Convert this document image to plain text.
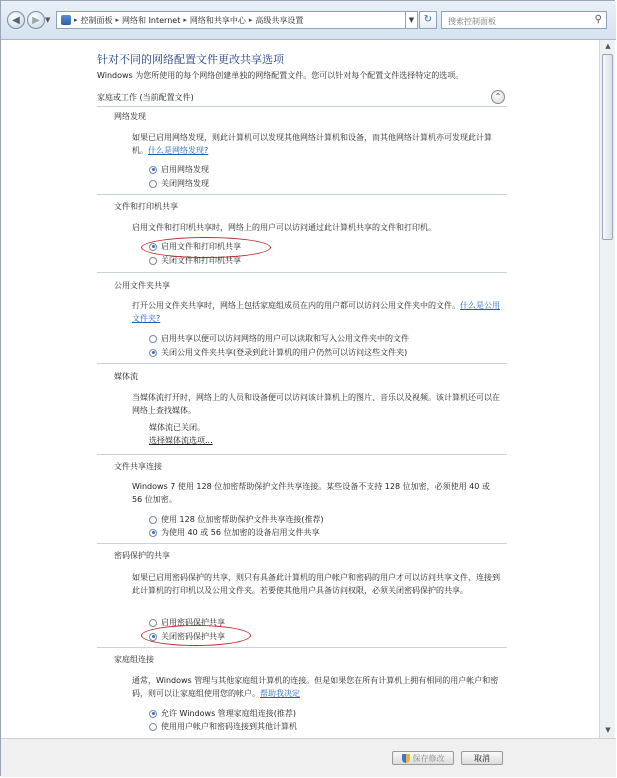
◀ ▶ ▼	▸ 控制面板 ▸ 网络和 Internet ▸ 网络和共享中心 ▸ 高级共享设置	▼ ↻
搜索控制面板	⚲
针对不同的网络配置文件更改共享选项
Windows 为您所使用的每个网络创建单独的网络配置文件。您可以针对每个配置文件选择特定的选项。
家庭或工作 (当前配置文件)	⌃
网络发现
如果已启用网络发现，则此计算机可以发现其他网络计算机和设备，而其他网络计算机亦可发现此计算机。什么是网络发现?
启用网络发现
关闭网络发现
文件和打印机共享
启用文件和打印机共享时，网络上的用户可以访问通过此计算机共享的文件和打印机。
启用文件和打印机共享
关闭文件和打印机共享
公用文件夹共享
打开公用文件夹共享时，网络上包括家庭组成员在内的用户都可以访问公用文件夹中的文件。什么是公用文件夹?
启用共享以便可以访问网络的用户可以读取和写入公用文件夹中的文件
关闭公用文件夹共享(登录到此计算机的用户仍然可以访问这些文件夹)
媒体流
当媒体流打开时，网络上的人员和设备便可以访问该计算机上的图片、音乐以及视频。该计算机还可以在网络上查找媒体。
媒体流已关闭。
选择媒体流选项...
文件共享连接
Windows 7 使用 128 位加密帮助保护文件共享连接。某些设备不支持 128 位加密，必须使用 40 或 56 位加密。
使用 128 位加密帮助保护文件共享连接(推荐)
为使用 40 或 56 位加密的设备启用文件共享
密码保护的共享
如果已启用密码保护的共享，则只有具备此计算机的用户帐户和密码的用户才可以访问共享文件、连接到此计算机的打印机以及公用文件夹。若要使其他用户具备访问权限，必须关闭密码保护的共享。
启用密码保护共享
关闭密码保护共享
家庭组连接
通常，Windows 管理与其他家庭组计算机的连接。但是如果您在所有计算机上拥有相同的用户帐户和密码，则可以让家庭组使用您的帐户。帮助我决定
允许 Windows 管理家庭组连接(推荐)
使用用户帐户和密码连接到其他计算机
▲
▼
保存修改	取消
